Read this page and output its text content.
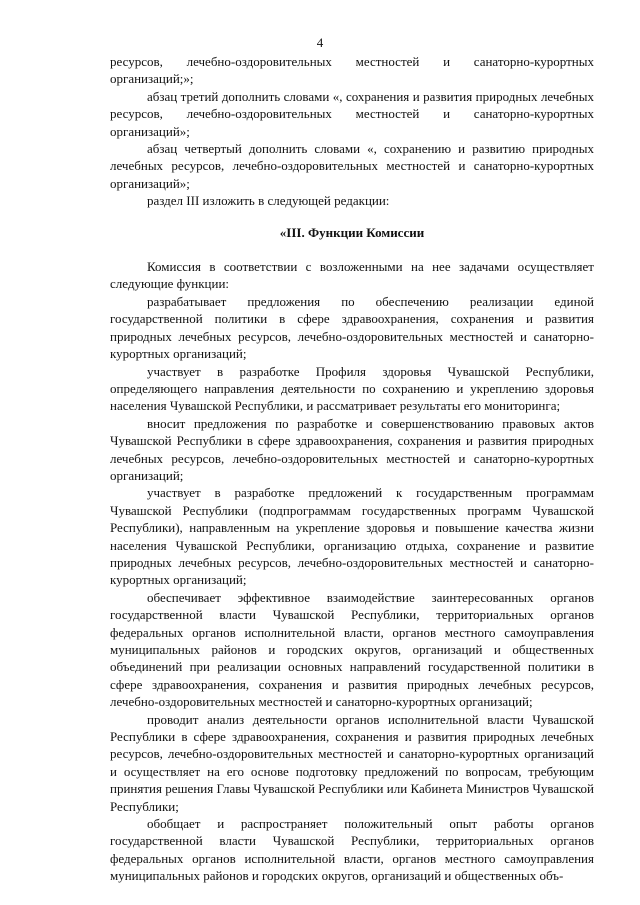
4

ресурсов, лечебно-оздоровительных местностей и санаторно-курортных организаций;»;

абзац третий дополнить словами «, сохранения и развития природных лечебных ресурсов, лечебно-оздоровительных местностей и санаторно-курортных организаций»;

абзац четвертый дополнить словами «, сохранению и развитию природных лечебных ресурсов, лечебно-оздоровительных местностей и санаторно-курортных организаций»;

раздел III изложить в следующей редакции:

«III. Функции Комиссии

Комиссия в соответствии с возложенными на нее задачами осуществляет следующие функции:

разрабатывает предложения по обеспечению реализации единой государственной политики в сфере здравоохранения, сохранения и развития природных лечебных ресурсов, лечебно-оздоровительных местностей и санаторно-курортных организаций;

участвует в разработке Профиля здоровья Чувашской Республики, определяющего направления деятельности по сохранению и укреплению здоровья населения Чувашской Республики, и рассматривает результаты его мониторинга;

вносит предложения по разработке и совершенствованию правовых актов Чувашской Республики в сфере здравоохранения, сохранения и развития природных лечебных ресурсов, лечебно-оздоровительных местностей и санаторно-курортных организаций;

участвует в разработке предложений к государственным программам Чувашской Республики (подпрограммам государственных программ Чувашской Республики), направленным на укрепление здоровья и повышение качества жизни населения Чувашской Республики, организацию отдыха, сохранение и развитие природных лечебных ресурсов, лечебно-оздоровительных местностей и санаторно-курортных организаций;

обеспечивает эффективное взаимодействие заинтересованных органов государственной власти Чувашской Республики, территориальных органов федеральных органов исполнительной власти, органов местного самоуправления муниципальных районов и городских округов, организаций и общественных объединений при реализации основных направлений государственной политики в сфере здравоохранения, сохранения и развития природных лечебных ресурсов, лечебно-оздоровительных местностей и санаторно-курортных организаций;

проводит анализ деятельности органов исполнительной власти Чувашской Республики в сфере здравоохранения, сохранения и развития природных лечебных ресурсов, лечебно-оздоровительных местностей и санаторно-курортных организаций и осуществляет на его основе подготовку предложений по вопросам, требующим принятия решения Главы Чувашской Республики или Кабинета Министров Чувашской Республики;

обобщает и распространяет положительный опыт работы органов государственной власти Чувашской Республики, территориальных органов федеральных органов исполнительной власти, органов местного самоуправления муниципальных районов и городских округов, организаций и общественных объ-
